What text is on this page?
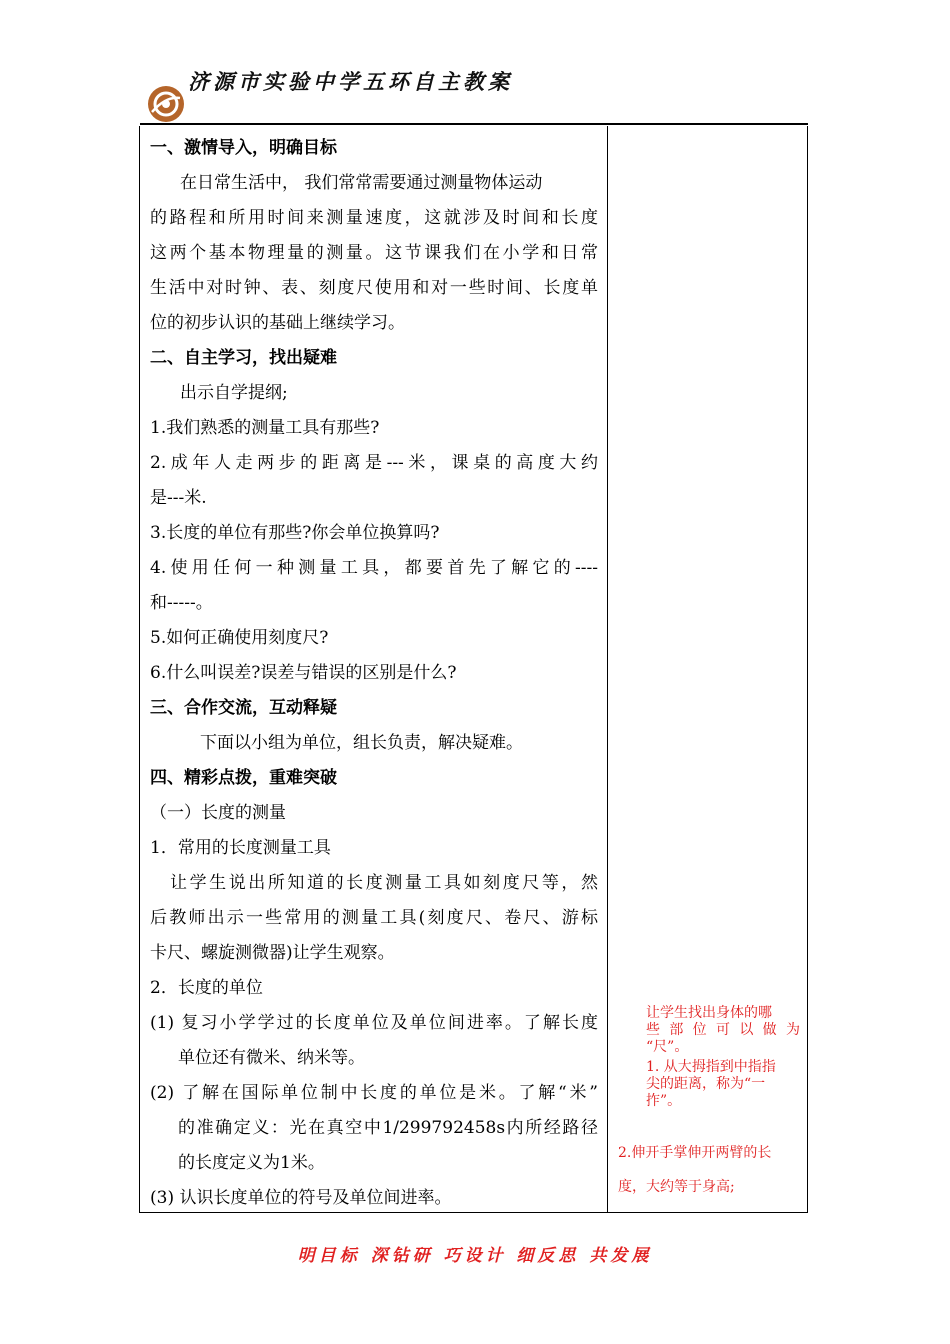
济源市实验中学五环自主教案
一、激情导入，明确目标
在日常生活中， 我们常常需要通过测量物体运动
的路程和所用时间来测量速度，这就涉及时间和长度
这两个基本物理量的测量。这节课我们在小学和日常
生活中对时钟、表、刻度尺使用和对一些时间、长度单
位的初步认识的基础上继续学习。
二、自主学习，找出疑难
出示自学提纲;
1.我们熟悉的测量工具有那些?
2.成年人走两步的距离是---米，课桌的高度大约
是---米.
3.长度的单位有那些?你会单位换算吗?
4.使用任何一种测量工具，都要首先了解它的----
和-----。
5.如何正确使用刻度尺?
6.什么叫误差?误差与错误的区别是什么?
三、合作交流，互动释疑
下面以小组为单位，组长负责，解决疑难。
四、精彩点拨，重难突破
（一）长度的测量
1．常用的长度测量工具
让学生说出所知道的长度测量工具如刻度尺等，然
后教师出示一些常用的测量工具(刻度尺、卷尺、游标
卡尺、螺旋测微器)让学生观察。
2．长度的单位
(1) 复习小学学过的长度单位及单位间进率。了解长度
单位还有微米、纳米等。
(2) 了解在国际单位制中长度的单位是米。了解“米”
的准确定义：光在真空中1/299792458s内所经路径
的长度定义为1米。
(3) 认识长度单位的符号及单位间进率。
让学生找出身体的哪
些 部 位 可 以 做 为
“尺”。
1. 从大拇指到中指指
尖的距离，称为“一
拃”。
2.伸开手掌伸开两臂的长
度，大约等于身高;
明目标 深钻研 巧设计 细反思 共发展
